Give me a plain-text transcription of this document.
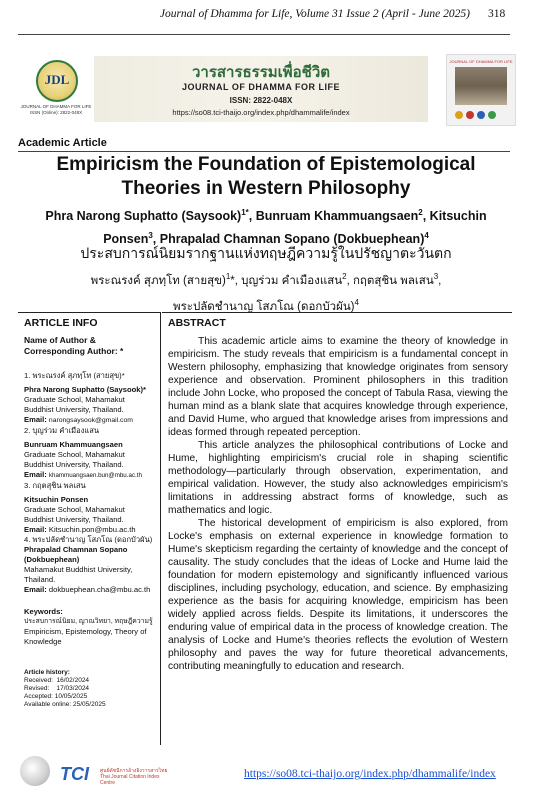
Journal of Dhamma for Life, Volume 31 Issue 2 (April - June 2025)	318
JDL
JOURNAL OF DHAMMA FOR LIFE ISSN (Online): 2822-048X
วารสารธรรมเพื่อชีวิต
JOURNAL OF DHAMMA FOR LIFE
ISSN: 2822-048X
https://so08.tci-thaijo.org/index.php/dhammalife/index
JOURNAL OF DHAMMA FOR LIFE
Academic Article
Empiricism the Foundation of Epistemological Theories in Western Philosophy
Phra Narong Suphatto (Saysook)$^{1*}$, Bunruam Khammuangsaen$^2$, Kitsuchin Ponsen$^3$, Phrapalad Chamnan Sopano (Dokbuephean)$^4$
ประสบการณ์นิยมรากฐานแห่งทฤษฎีความรู้ในปรัชญาตะวันตก
พระณรงค์ สุภทฺโท (สายสุข)$^1$*, บุญร่วม คำเมืองแสน$^2$, กฤตสุชิน พลเสน$^3$,
พระปลัดชำนาญ โสภโณ (ดอกบัวผัน)$^4$
ARTICLE INFO

Name of Author & Corresponding Author: *

1. พระณรงค์ สุภทฺโท (สายสุข)*

Phra Narong Suphatto (Saysook)*

Graduate School, Mahamakut Buddhist University, Thailand.

Email: narongsaysook@gmail.com

2. บุญร่วม คำเมืองแสน

Bunruam Khammuangsaen

Graduate School, Mahamakut Buddhist University, Thailand.

Email: khammuangsaen.bun@mbu.ac.th

3. กฤตสุชิน พลเสน

Kitsuchin Ponsen

Graduate School, Mahamakut Buddhist University, Thailand.

Email: Kitsuchin.pon@mbu.ac.th

4. พระปลัดชำนาญ โสภโณ (ดอกบัวผัน)

Phrapalad Chamnan Sopano (Dokbuephean)

Mahamakut Buddhist University, Thailand.

Email: dokbuephean.cha@mbu.ac.th

Keywords:

ประสบการณ์นิยม, ญาณวิทยา, ทฤษฎีความรู้

Empiricism, Epistemology, Theory of Knowledge

Article history:

Received:  16/02/2024

Revised:    17/03/2024

Accepted: 10/05/2025

Available online: 25/05/2025

ABSTRACT

This academic article aims to examine the theory of knowledge in empiricism. The study reveals that empiricism is a fundamental concept in Western philosophy, emphasizing that knowledge originates from sensory experience and observation. Prominent philosophers in this tradition include John Locke, who proposed the concept of Tabula Rasa, viewing the human mind as a blank slate that acquires knowledge through experience, and David Hume, who argued that knowledge arises from impressions and ideas formed through repeated perception.

This article analyzes the philosophical contributions of Locke and Hume, highlighting empiricism's crucial role in shaping scientific methodology—particularly through observation, experimentation, and empirical validation. However, the study also acknowledges empiricism's limitations in addressing abstract forms of knowledge, such as mathematics and logic.

The historical development of empiricism is also explored, from Locke's emphasis on external experience in knowledge formation to Hume's skepticism regarding the certainty of knowledge and the concept of causality. The study concludes that the ideas of Locke and Hume laid the foundation for modern epistemology and significantly influenced various disciplines, including psychology, education, and science. By emphasizing experience as the basis for acquiring knowledge, empiricism has been widely applied across fields. Despite its limitations, it underscores the enduring value of empirical data in the process of knowledge creation. The analysis of Locke and Hume's theories reflects the evolution of Western philosophy and paves the way for future theoretical advancements, contributing meaningfully to education and research.

TCI ศูนย์ดัชนีการอ้างอิงวารสารไทย Thai Journal Citation Index Centre
https://so08.tci-thaijo.org/index.php/dhammalife/index
